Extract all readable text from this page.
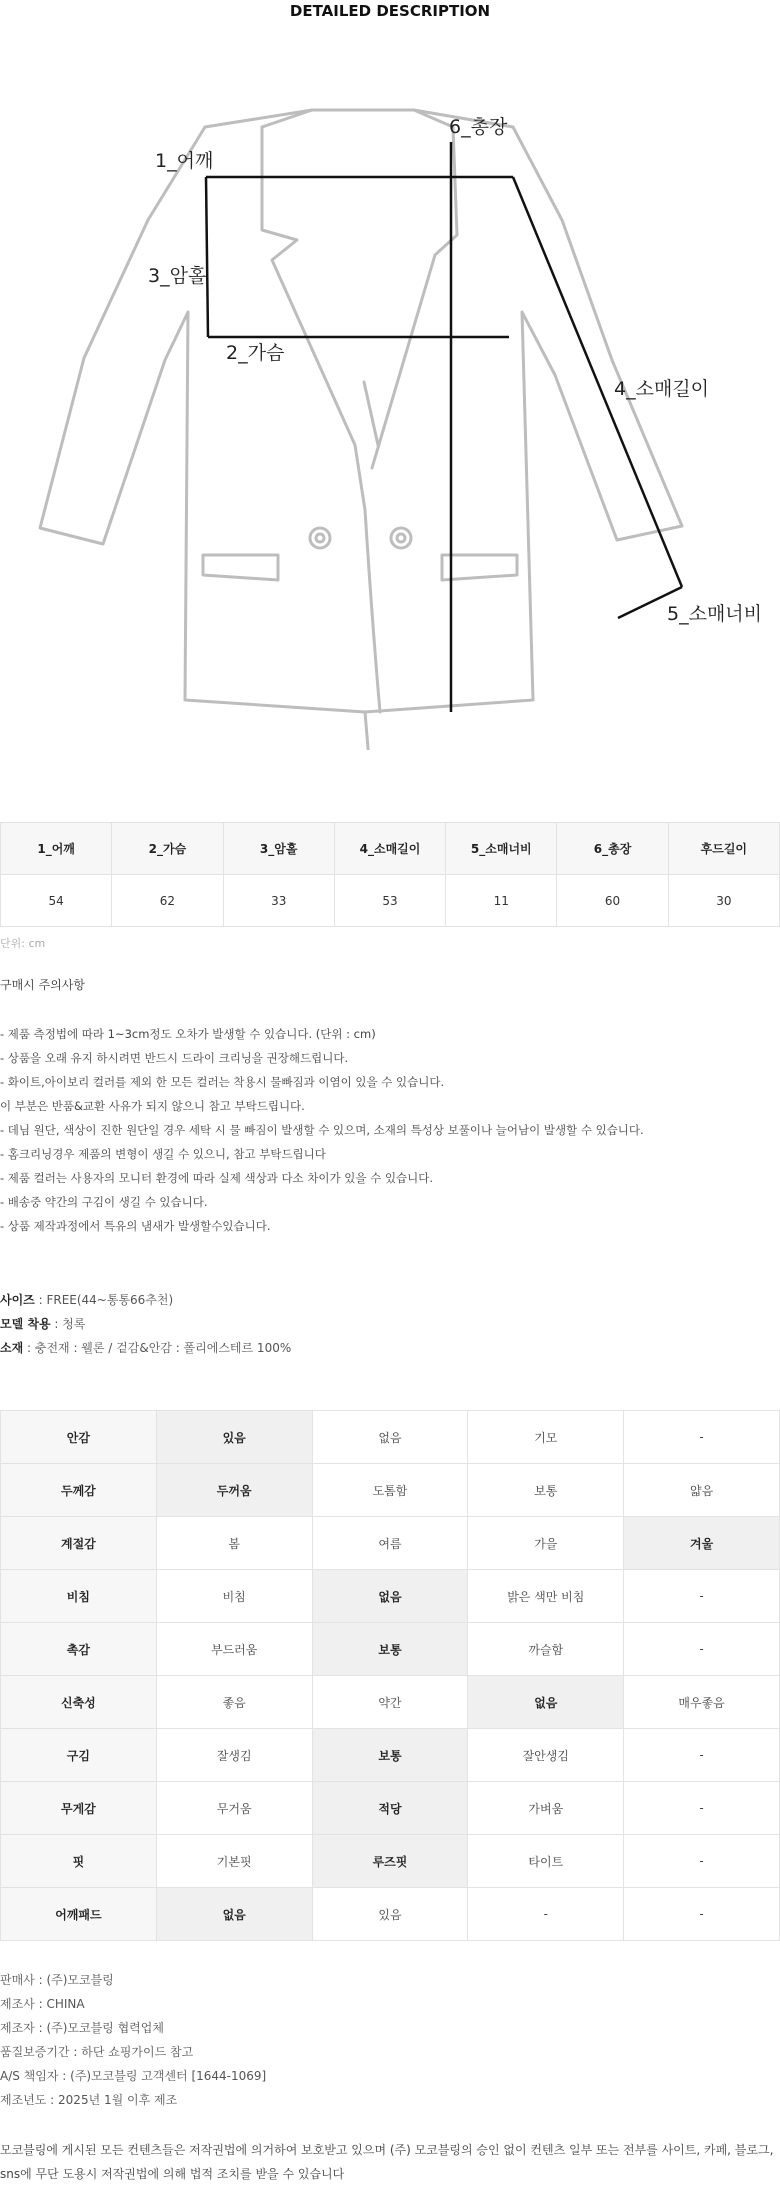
DETAILED DESCRIPTION
1_어깨
3_암홀
2_가슴
6_총장
4_소매길이
5_소매너비
1_어깨	2_가슴	3_암홀	4_소매길이	5_소매너비	6_총장	후드길이
54	62	33	53	11	60	30
단위: cm
구매시 주의사항
- 제품 측정법에 따라 1~3cm정도 오차가 발생할 수 있습니다. (단위 : cm)
- 상품을 오래 유지 하시려면 반드시 드라이 크리닝을 권장해드립니다.
- 화이트,아이보리 컬러를 제외 한 모든 컬러는 착용시 물빠짐과 이염이 있을 수 있습니다.
이 부분은 반품&교환 사유가 되지 않으니 참고 부탁드립니다.
- 데님 원단, 색상이 진한 원단일 경우 세탁 시 물 빠짐이 발생할 수 있으며, 소재의 특성상 보풀이나 늘어남이 발생할 수 있습니다.
- 홈크리닝경우 제품의 변형이 생길 수 있으니, 참고 부탁드립니다
- 제품 컬러는 사용자의 모니터 환경에 따라 실제 색상과 다소 차이가 있을 수 있습니다.
- 배송중 약간의 구김이 생길 수 있습니다.
- 상품 제작과정에서 특유의 냄새가 발생할수있습니다.
사이즈 : FREE(44~통통66추천)
모델 착용 : 청록
소재 : 충전재 : 웰론 / 겉감&안감 : 폴리에스테르 100%
안감	있음	없음	기모	-
두께감	두꺼움	도톰함	보통	얇음
계절감	봄	여름	가을	겨울
비침	비침	없음	밝은 색만 비침	-
촉감	부드러움	보통	까슬함	-
신축성	좋음	약간	없음	매우좋음
구김	잘생김	보통	잘안생김	-
무게감	무거움	적당	가벼움	-
핏	기본핏	루즈핏	타이트	-
어깨패드	없음	있음	-	-
판매사 : (주)모코블링
제조사 : CHINA
제조자 : (주)모코블링 협력업체
품질보증기간 : 하단 쇼핑가이드 참고
A/S 책임자 : (주)모코블링 고객센터 [1644-1069]
제조년도 : 2025년 1월 이후 제조
모코블링에 게시된 모든 컨텐츠들은 저작권법에 의거하여 보호받고 있으며 (주) 모코블링의 승인 없이 컨텐츠 일부 또는 전부를 사이트, 카페, 블로그, sns에 무단 도용시 저작권법에 의해 법적 조치를 받을 수 있습니다
